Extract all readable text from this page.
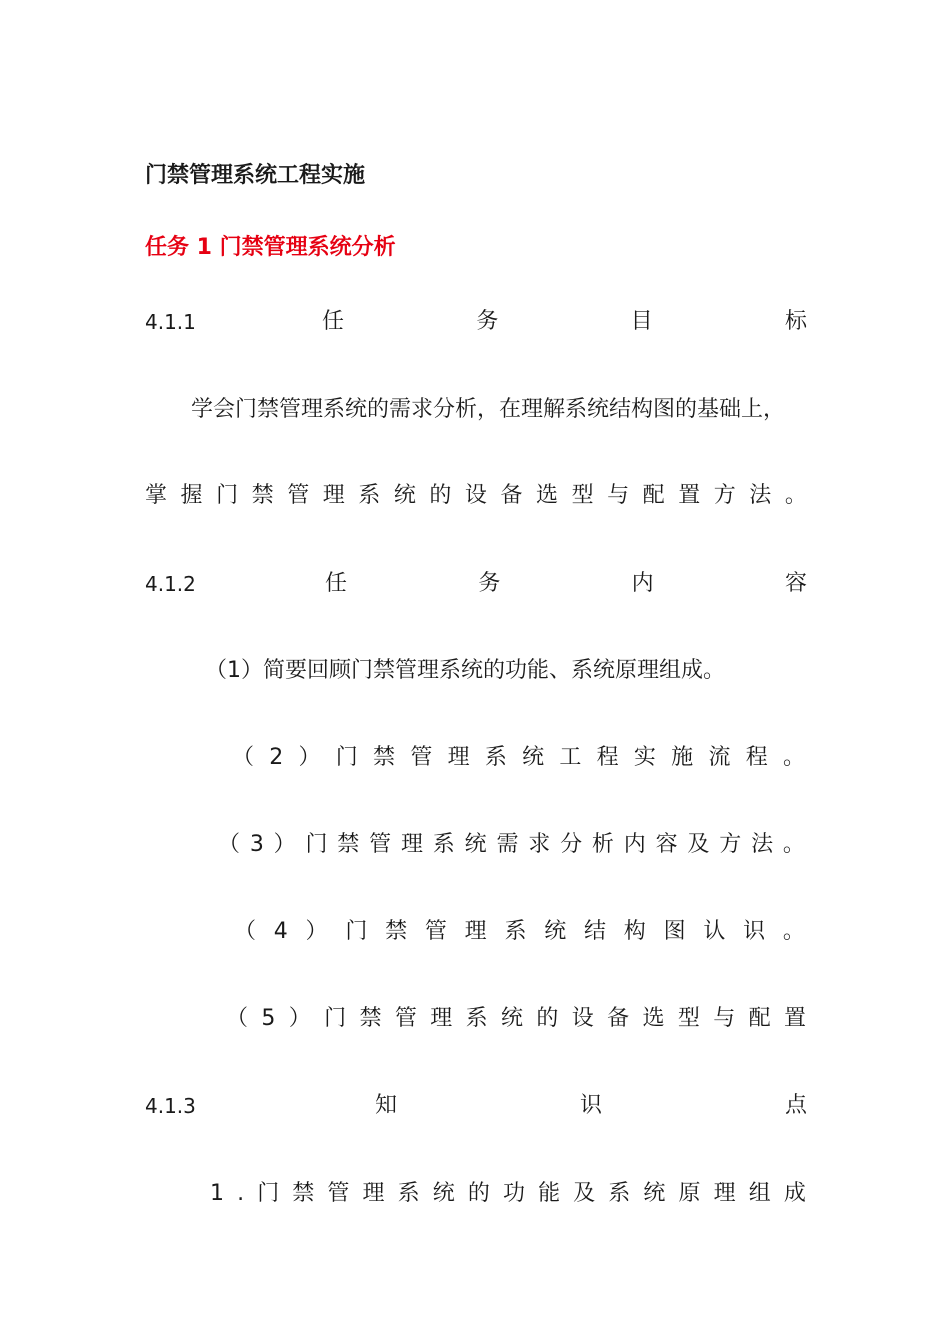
门禁管理系统工程实施
任务 1 门禁管理系统分析
4.1.1	任	务	目	标
学会门禁管理系统的需求分析，在理解系统结构图的基础上，
掌 握 门 禁 管 理 系 统 的 设 备 选 型 与 配 置 方 法 。
4.1.2	任	务	内	容
（1）简要回顾门禁管理系统的功能、系统原理组成。
（ 2 ） 门 禁 管 理 系 统 工 程 实 施 流 程 。
（ 3 ） 门 禁 管 理 系 统 需 求 分 析 内 容 及 方 法 。
（ 4 ） 门 禁 管 理 系 统 结 构 图 认 识 。
（ 5 ） 门 禁 管 理 系 统 的 设 备 选 型 与 配 置
4.1.3	知	识	点
1 . 门 禁 管 理 系 统 的 功 能 及 系 统 原 理 组 成
